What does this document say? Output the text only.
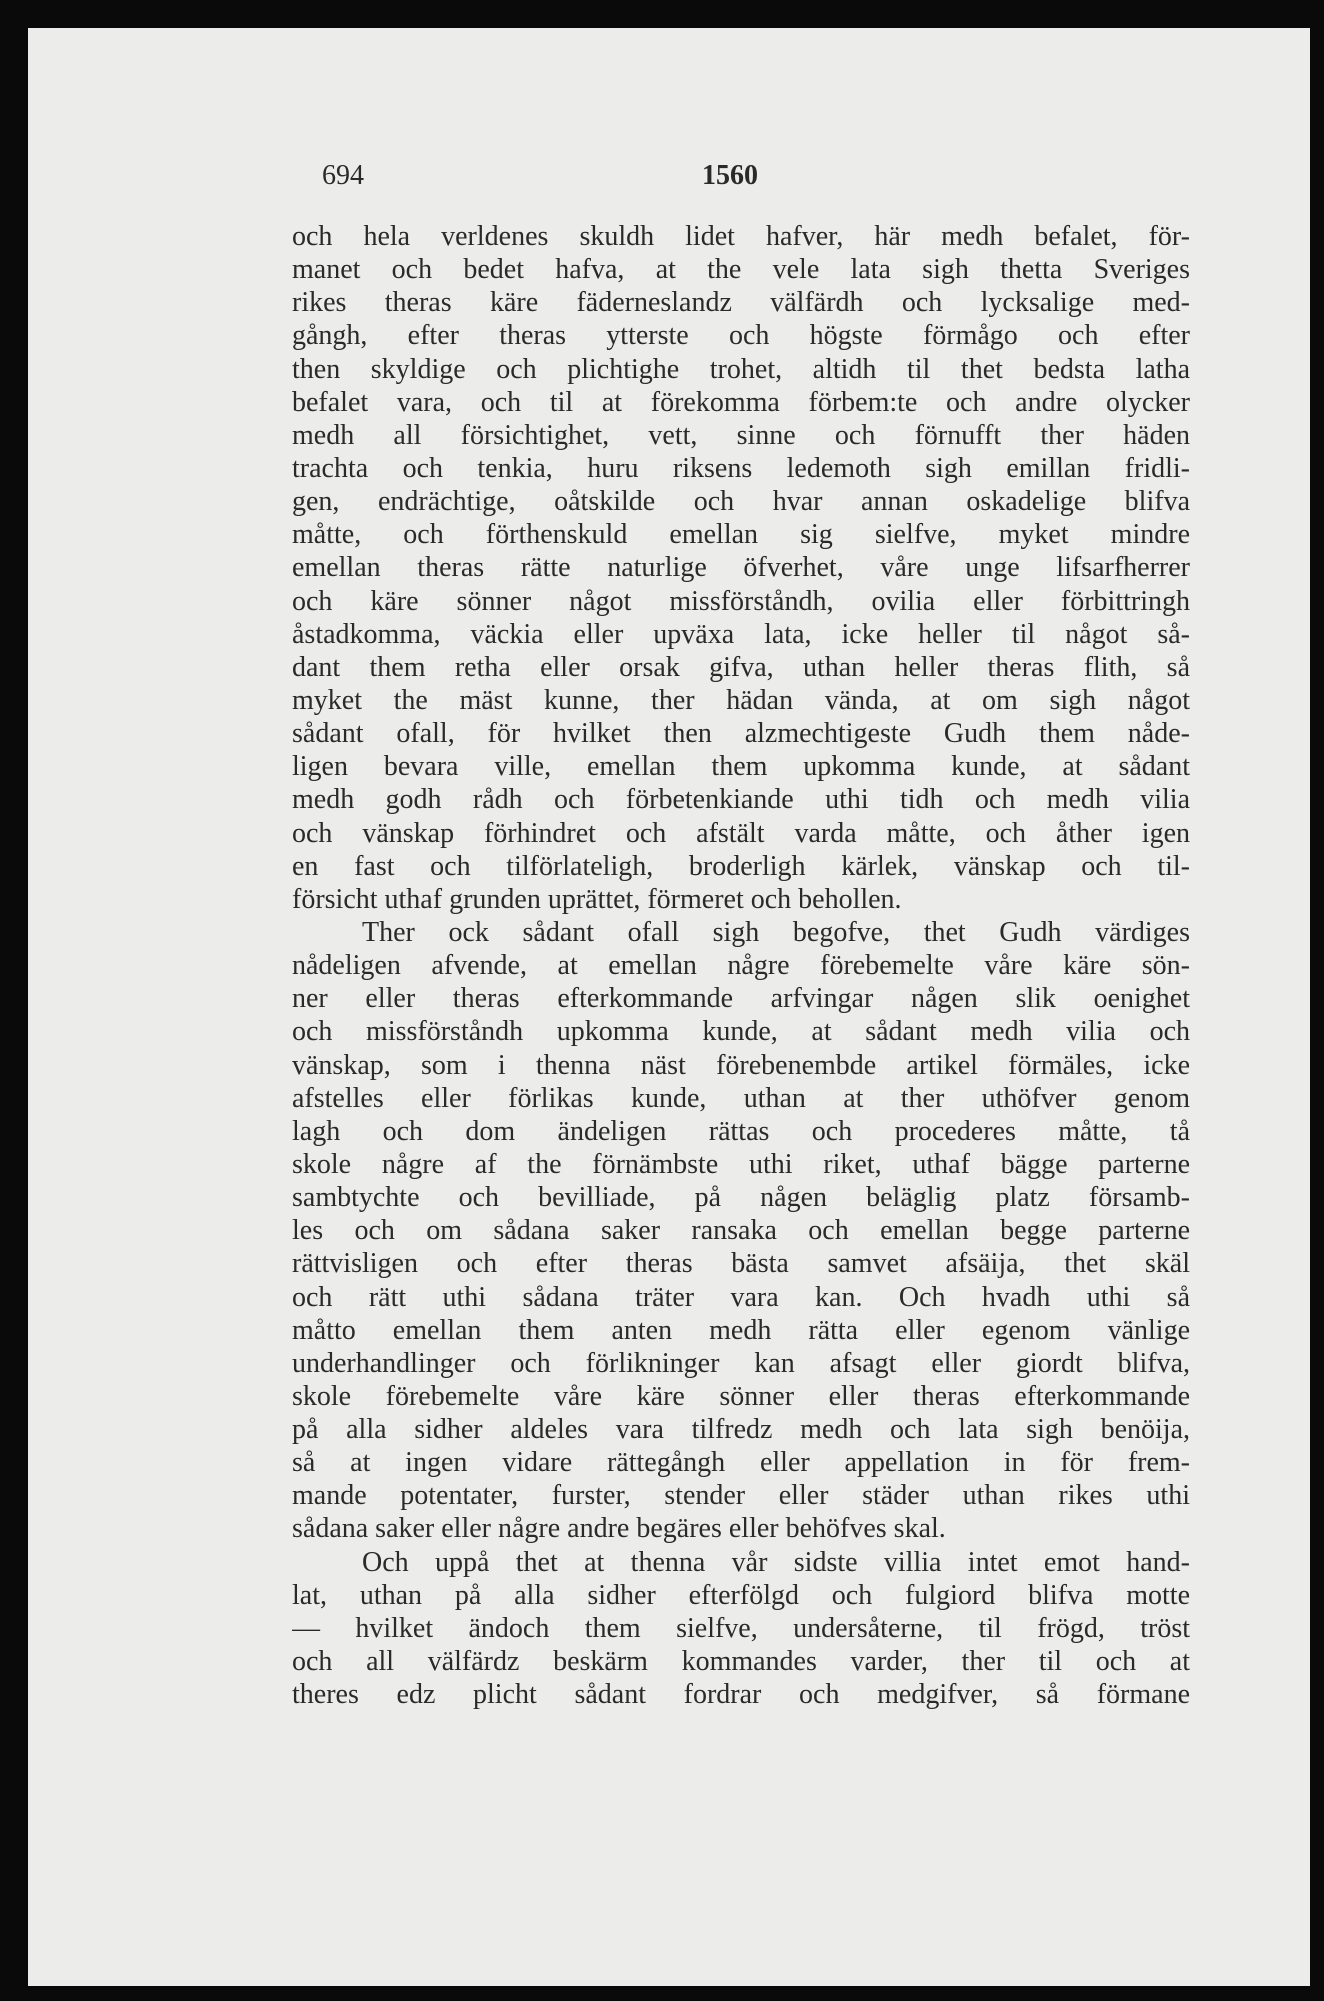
694	1560
och hela verldenes skuldh lidet hafver, här medh befalet, för-
manet och bedet hafva, at the vele lata sigh thetta Sveriges
rikes theras käre fäderneslandz välfärdh och lycksalige med-
gångh, efter theras ytterste och högste förmågo och efter
then skyldige och plichtighe trohet, altidh til thet bedsta latha
befalet vara, och til at förekomma förbem:te och andre olycker
medh all försichtighet, vett, sinne och förnufft ther häden
trachta och tenkia, huru riksens ledemoth sigh emillan fridli-
gen, endrächtige, oåtskilde och hvar annan oskadelige blifva
måtte, och förthenskuld emellan sig sielfve, myket mindre
emellan theras rätte naturlige öfverhet, våre unge lifsarfherrer
och käre sönner något missförståndh, ovilia eller förbittringh
åstadkomma, väckia eller upväxa lata, icke heller til något så-
dant them retha eller orsak gifva, uthan heller theras flith, så
myket the mäst kunne, ther hädan vända, at om sigh något
sådant ofall, för hvilket then alzmechtigeste Gudh them nåde-
ligen bevara ville, emellan them upkomma kunde, at sådant
medh godh rådh och förbetenkiande uthi tidh och medh vilia
och vänskap förhindret och afstält varda måtte, och åther igen
en fast och tilförlateligh, broderligh kärlek, vänskap och til-
försicht uthaf grunden uprättet, förmeret och behollen.
Ther ock sådant ofall sigh begofve, thet Gudh värdiges
nådeligen afvende, at emellan någre förebemelte våre käre sön-
ner eller theras efterkommande arfvingar någen slik oenighet
och missförståndh upkomma kunde, at sådant medh vilia och
vänskap, som i thenna näst förebenembde artikel förmäles, icke
afstelles eller förlikas kunde, uthan at ther uthöfver genom
lagh och dom ändeligen rättas och procederes måtte, tå
skole någre af the förnämbste uthi riket, uthaf bägge parterne
sambtychte och bevilliade, på någen beläglig platz församb-
les och om sådana saker ransaka och emellan begge parterne
rättvisligen och efter theras bästa samvet afsäija, thet skäl
och rätt uthi sådana träter vara kan. Och hvadh uthi så
måtto emellan them anten medh rätta eller egenom vänlige
underhandlinger och förlikninger kan afsagt eller giordt blifva,
skole förebemelte våre käre sönner eller theras efterkommande
på alla sidher aldeles vara tilfredz medh och lata sigh benöija,
så at ingen vidare rättegångh eller appellation in för frem-
mande potentater, furster, stender eller städer uthan rikes uthi
sådana saker eller någre andre begäres eller behöfves skal.
Och uppå thet at thenna vår sidste villia intet emot hand-
lat, uthan på alla sidher efterfölgd och fulgiord blifva motte
— hvilket ändoch them sielfve, undersåterne, til frögd, tröst
och all välfärdz beskärm kommandes varder, ther til och at
theres edz plicht sådant fordrar och medgifver, så förmane
